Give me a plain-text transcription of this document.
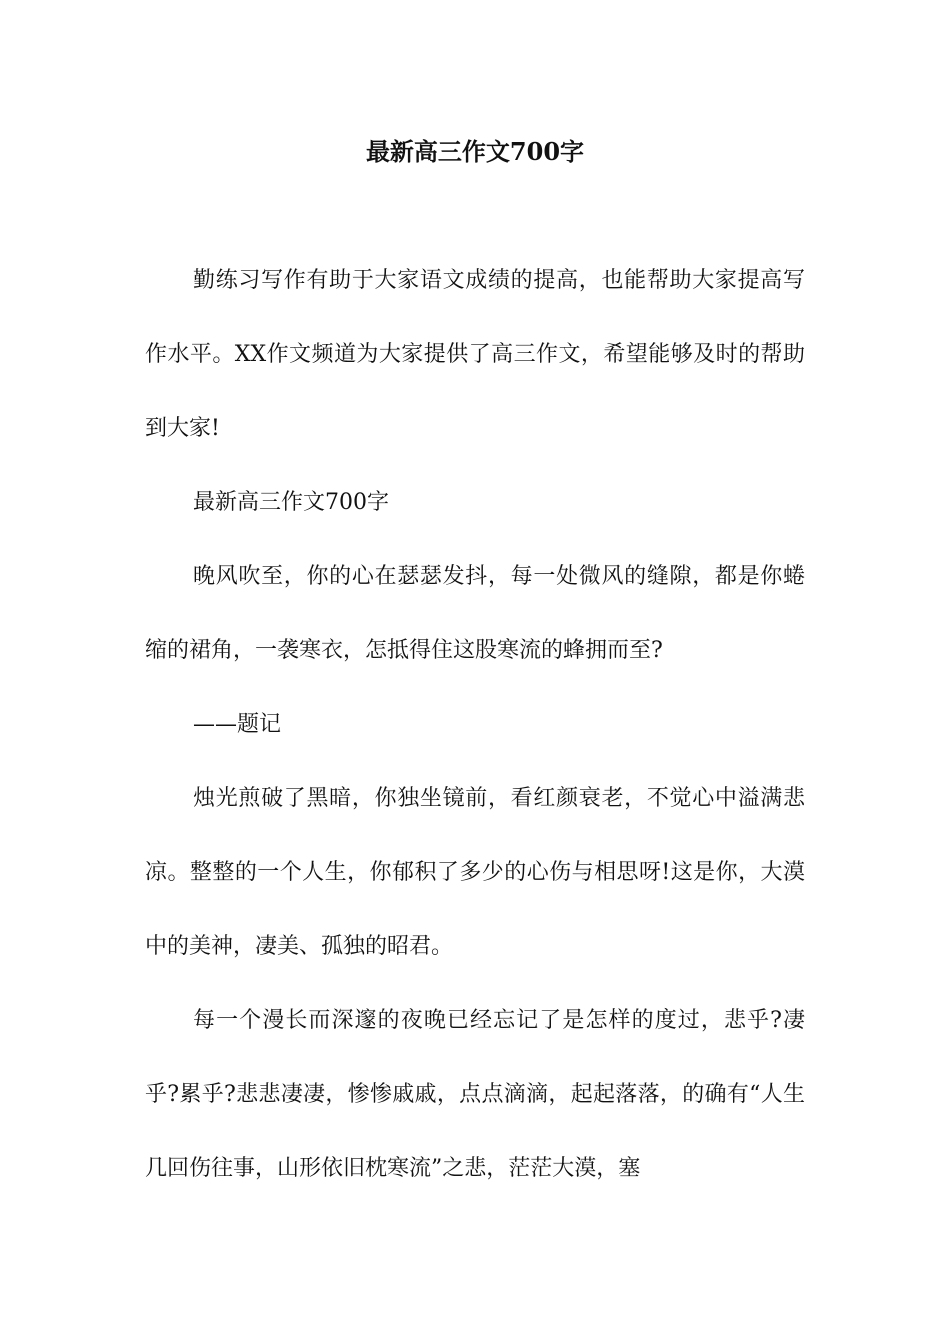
最新高三作文700字

勤练习写作有助于大家语文成绩的提高，也能帮助大家提高写作水平。XX作文频道为大家提供了高三作文，希望能够及时的帮助到大家!

最新高三作文700字

晚风吹至，你的心在瑟瑟发抖，每一处微风的缝隙，都是你蜷缩的裙角，一袭寒衣，怎抵得住这股寒流的蜂拥而至?

——题记

烛光煎破了黑暗，你独坐镜前，看红颜衰老，不觉心中溢满悲凉。整整的一个人生，你郁积了多少的心伤与相思呀!这是你，大漠中的美神，凄美、孤独的昭君。

每一个漫长而深邃的夜晚已经忘记了是怎样的度过，悲乎?凄乎?累乎?悲悲凄凄，惨惨戚戚，点点滴滴，起起落落，的确有“人生几回伤往事，山形依旧枕寒流”之悲，茫茫大漠，塞
